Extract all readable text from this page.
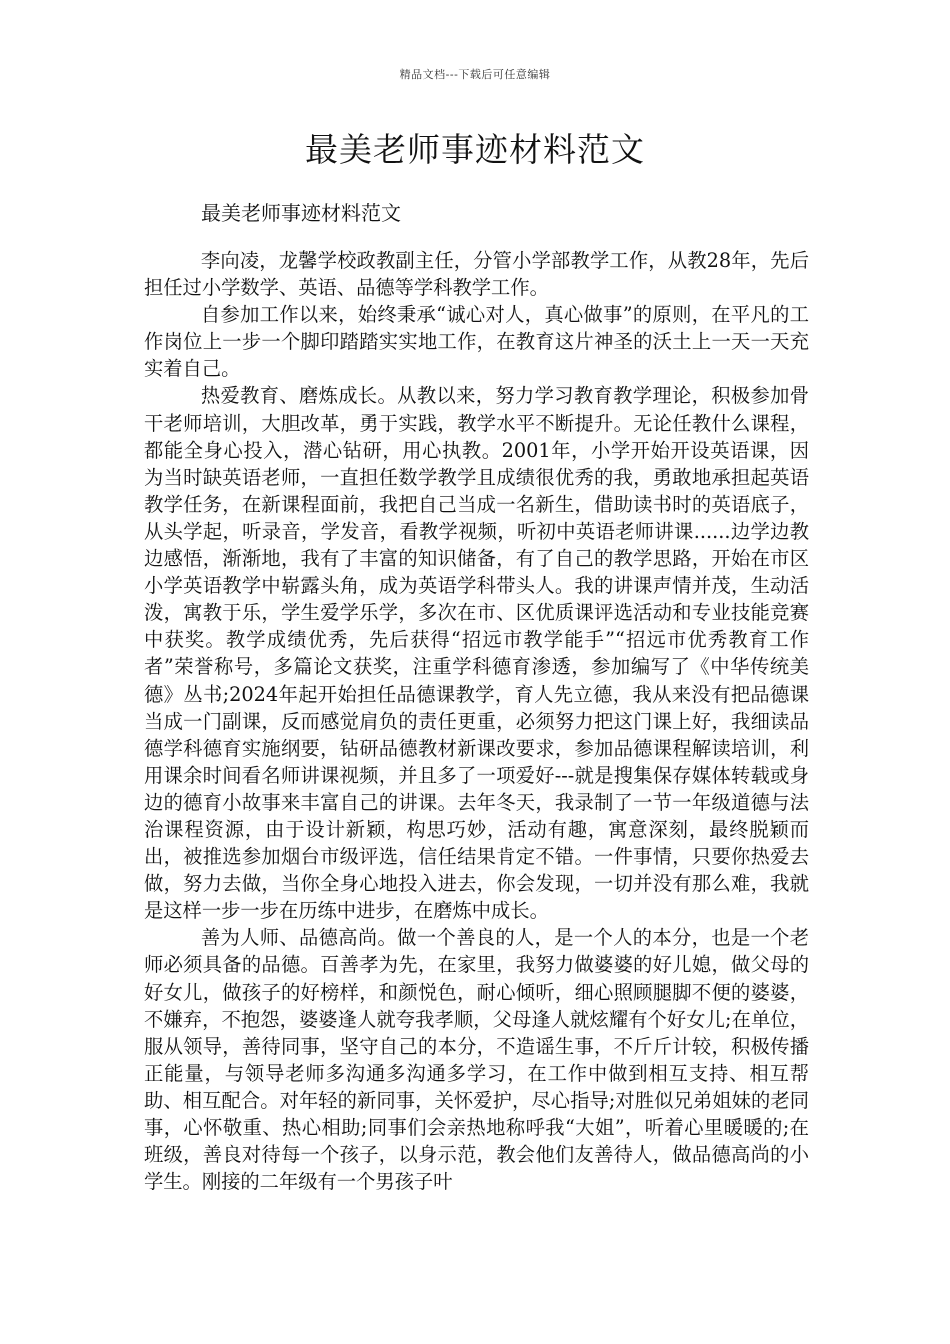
精品文档---下载后可任意编辑
最美老师事迹材料范文

最美老师事迹材料范文

李向凌，龙馨学校政教副主任，分管小学部教学工作，从教28年，先后担任过小学数学、英语、品德等学科教学工作。

自参加工作以来，始终秉承“诚心对人，真心做事”的原则，在平凡的工作岗位上一步一个脚印踏踏实实地工作，在教育这片神圣的沃土上一天一天充实着自己。

热爱教育、磨炼成长。从教以来，努力学习教育教学理论，积极参加骨干老师培训，大胆改革，勇于实践，教学水平不断提升。无论任教什么课程，都能全身心投入，潜心钻研，用心执教。2001年，小学开始开设英语课，因为当时缺英语老师，一直担任数学教学且成绩很优秀的我，勇敢地承担起英语教学任务，在新课程面前，我把自己当成一名新生，借助读书时的英语底子，从头学起，听录音，学发音，看教学视频，听初中英语老师讲课......边学边教边感悟，渐渐地，我有了丰富的知识储备，有了自己的教学思路，开始在市区小学英语教学中崭露头角，成为英语学科带头人。我的讲课声情并茂，生动活泼，寓教于乐，学生爱学乐学，多次在市、区优质课评选活动和专业技能竞赛中获奖。教学成绩优秀，先后获得“招远市教学能手”“招远市优秀教育工作者”荣誉称号，多篇论文获奖，注重学科德育渗透，参加编写了《中华传统美德》丛书;2024年起开始担任品德课教学，育人先立德，我从来没有把品德课当成一门副课，反而感觉肩负的责任更重，必须努力把这门课上好，我细读品德学科德育实施纲要，钻研品德教材新课改要求，参加品德课程解读培训，利用课余时间看名师讲课视频，并且多了一项爱好---就是搜集保存媒体转载或身边的德育小故事来丰富自己的讲课。去年冬天，我录制了一节一年级道德与法治课程资源，由于设计新颖，构思巧妙，活动有趣，寓意深刻，最终脱颖而出，被推选参加烟台市级评选，信任结果肯定不错。一件事情，只要你热爱去做，努力去做，当你全身心地投入进去，你会发现，一切并没有那么难，我就是这样一步一步在历练中进步，在磨炼中成长。

善为人师、品德高尚。做一个善良的人，是一个人的本分，也是一个老师必须具备的品德。百善孝为先，在家里，我努力做婆婆的好儿媳，做父母的好女儿，做孩子的好榜样，和颜悦色，耐心倾听，细心照顾腿脚不便的婆婆，不嫌弃，不抱怨，婆婆逢人就夸我孝顺，父母逢人就炫耀有个好女儿;在单位，服从领导，善待同事，坚守自己的本分，不造谣生事，不斤斤计较，积极传播正能量，与领导老师多沟通多沟通多学习，在工作中做到相互支持、相互帮助、相互配合。对年轻的新同事，关怀爱护，尽心指导;对胜似兄弟姐妹的老同事，心怀敬重、热心相助;同事们会亲热地称呼我“大姐”，听着心里暖暖的;在班级，善良对待每一个孩子，以身示范，教会他们友善待人，做品德高尚的小学生。刚接的二年级有一个男孩子叶
